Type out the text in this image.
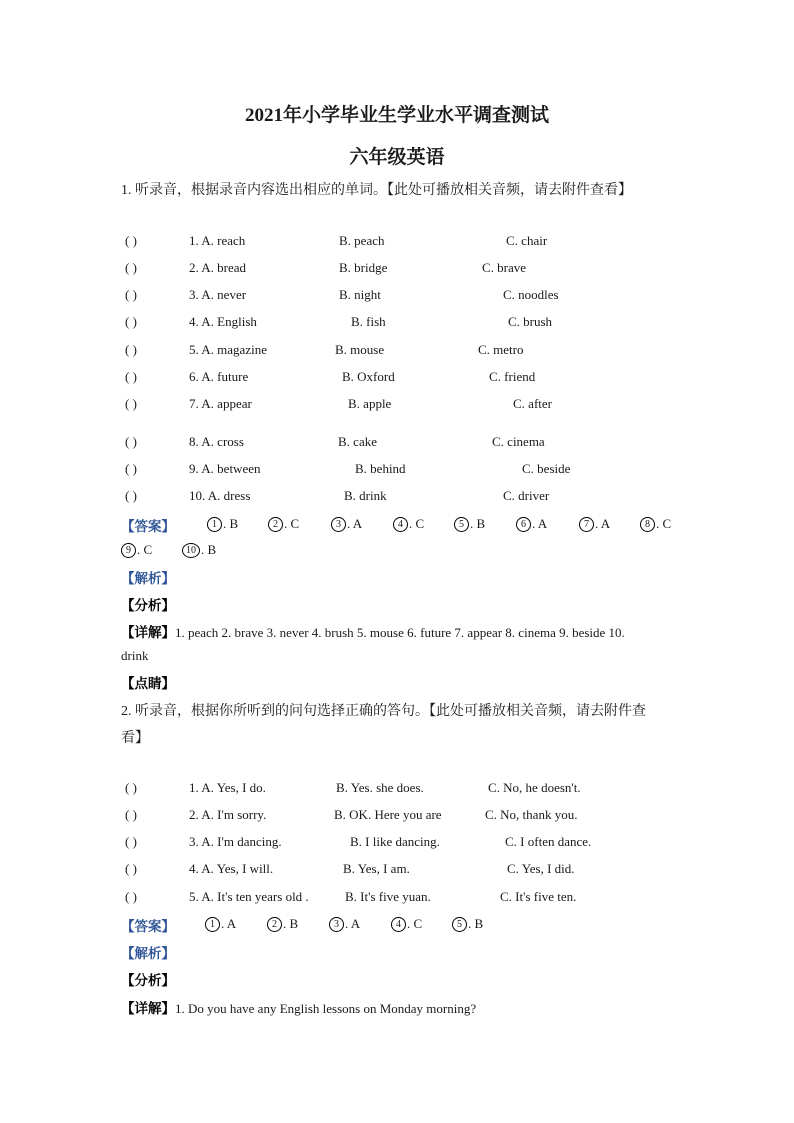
2021年小学毕业生学业水平调查测试
六年级英语
1. 听录音，根据录音内容选出相应的单词。【此处可播放相关音频，请去附件查看】
( )	1. A. reach	B. peach	C. chair
( )	2. A. bread	B. bridge	C. brave
( )	3. A. never	B. night	C. noodles
( )	4. A. English	B. fish	C. brush
( )	5. A. magazine	B. mouse	C. metro
( )	6. A. future	B. Oxford	C. friend
( )	7. A. appear	B. apple	C. after
( )	8. A. cross	B. cake	C. cinema
( )	9. A. between	B. behind	C. beside
( )	10. A. dress	B. drink	C. driver
【答案】	1 . B	2 . C	3 . A	4 . C	5 . B	6 . A	7 . A	8 . C
9 . C	10 . B
【解析】
【分析】
【详解】1. peach 2. brave 3. never 4. brush 5. mouse 6. future 7. appear 8. cinema 9. beside 10.
drink
【点睛】
2. 听录音，根据你所听到的问句选择正确的答句。【此处可播放相关音频，请去附件查
看】
( )	1. A. Yes, I do.	B. Yes. she does.	C. No, he doesn't.
( )	2. A. I'm sorry.	B. OK. Here you are	C. No, thank you.
( )	3. A. I'm dancing.	B. I like dancing.	C. I often dance.
( )	4. A. Yes, I will.	B. Yes, I am.	C. Yes, I did.
( )	5. A. It's ten years old .	B. It's five yuan.	C. It's five ten.
【答案】	1 . A	2 . B	3 . A	4 . C	5 . B
【解析】
【分析】
【详解】1. Do you have any English lessons on Monday morning?
